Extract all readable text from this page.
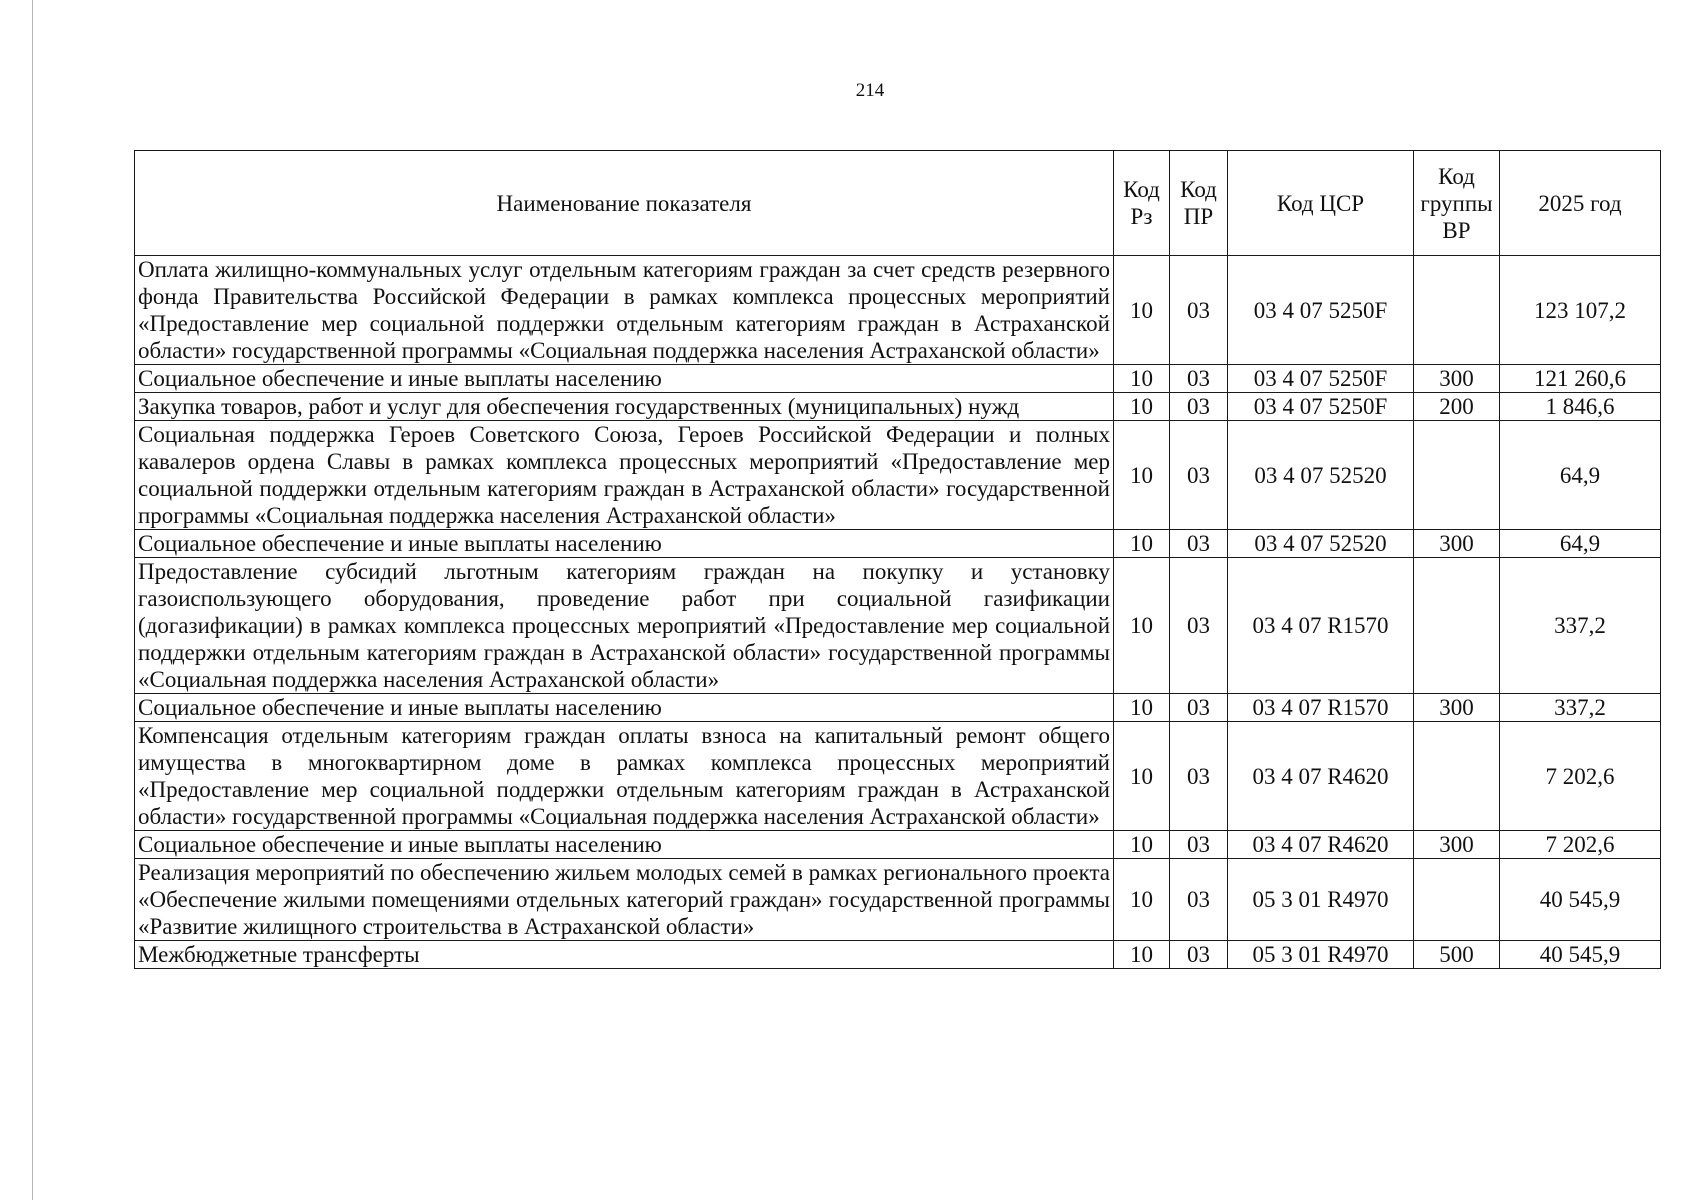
214
Наименование показателя	Код Рз	Код ПР	Код ЦСР	Код группы ВР	2025 год
Оплата жилищно-коммунальных услуг отдельным категориям граждан за счет средств резервного фонда Правительства Российской Федерации в рамках комплекса процессных мероприятий «Предоставление мер социальной поддержки отдельным категориям граждан в Астраханской области» государственной программы «Социальная поддержка населения Астраханской области»	10	03	03 4 07 5250F		123 107,2
Социальное обеспечение и иные выплаты населению	10	03	03 4 07 5250F	300	121 260,6
Закупка товаров, работ и услуг для обеспечения государственных (муниципальных) нужд	10	03	03 4 07 5250F	200	1 846,6
Социальная поддержка Героев Советского Союза, Героев Российской Федерации и полных кавалеров ордена Славы в рамках комплекса процессных мероприятий «Предоставление мер социальной поддержки отдельным категориям граждан в Астраханской области» государственной программы «Социальная поддержка населения Астраханской области»	10	03	03 4 07 52520		64,9
Социальное обеспечение и иные выплаты населению	10	03	03 4 07 52520	300	64,9
Предоставление субсидий льготным категориям граждан на покупку и установку газоиспользующего оборудования, проведение работ при социальной газификации (догазификации) в рамках комплекса процессных мероприятий «Предоставление мер социальной поддержки отдельным категориям граждан в Астраханской области» государственной программы «Социальная поддержка населения Астраханской области»	10	03	03 4 07 R1570		337,2
Социальное обеспечение и иные выплаты населению	10	03	03 4 07 R1570	300	337,2
Компенсация отдельным категориям граждан оплаты взноса на капитальный ремонт общего имущества в многоквартирном доме в рамках комплекса процессных мероприятий «Предоставление мер социальной поддержки отдельным категориям граждан в Астраханской области» государственной программы «Социальная поддержка населения Астраханской области»	10	03	03 4 07 R4620		7 202,6
Социальное обеспечение и иные выплаты населению	10	03	03 4 07 R4620	300	7 202,6
Реализация мероприятий по обеспечению жильем молодых семей в рамках регионального проекта «Обеспечение жилыми помещениями отдельных категорий граждан» государственной программы «Развитие жилищного строительства в Астраханской области»	10	03	05 3 01 R4970		40 545,9
Межбюджетные трансферты	10	03	05 3 01 R4970	500	40 545,9
